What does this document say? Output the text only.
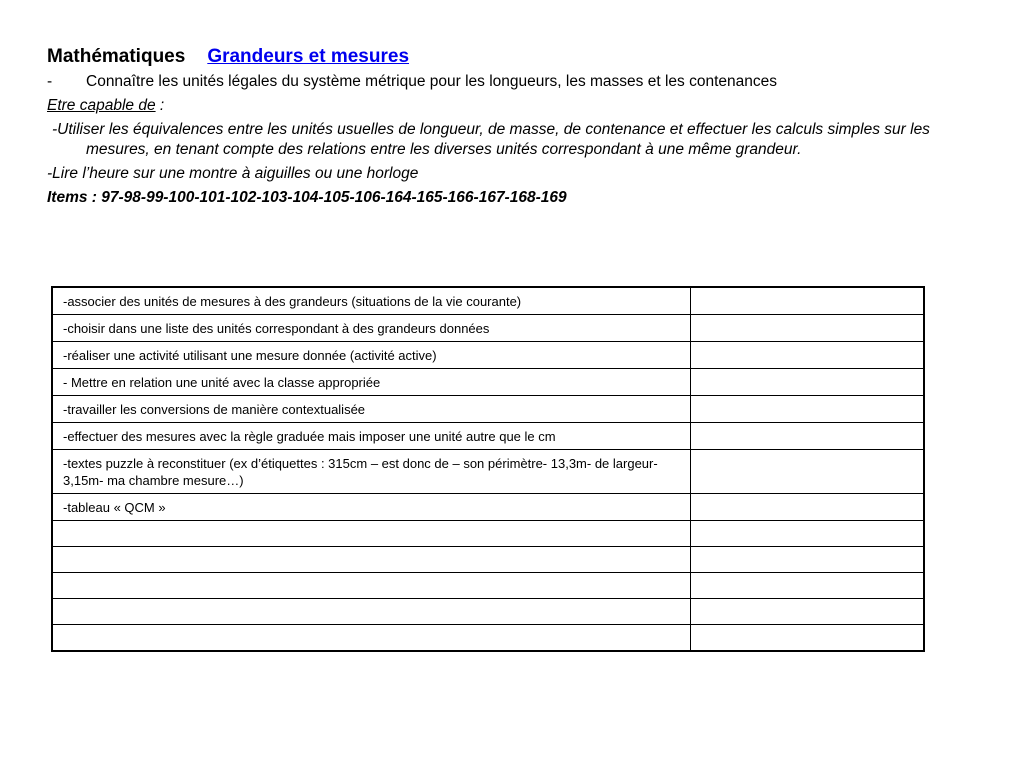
Mathématiques Grandeurs et mesures
-	Connaître les unités légales du système métrique pour les longueurs, les masses et les contenances
Etre capable de :
-Utiliser les équivalences entre les unités usuelles de longueur, de masse, de contenance et effectuer les calculs simples sur les mesures, en tenant compte des relations entre les diverses unités correspondant à une même grandeur.
-Lire l’heure sur une montre à aiguilles ou une horloge
Items : 97-98-99-100-101-102-103-104-105-106-164-165-166-167-168-169
-associer des unités de mesures à des grandeurs (situations de la vie courante)	
-choisir dans une liste des unités correspondant à des grandeurs données	
-réaliser une activité utilisant une mesure donnée (activité active)	
- Mettre en relation une unité avec la classe appropriée	
-travailler les conversions de manière contextualisée	
-effectuer des mesures avec la règle graduée mais imposer une unité autre que le cm	
-textes puzzle à reconstituer (ex d’étiquettes : 315cm – est donc de – son périmètre- 13,3m- de largeur- 3,15m- ma chambre mesure…)	
-tableau « QCM »	
